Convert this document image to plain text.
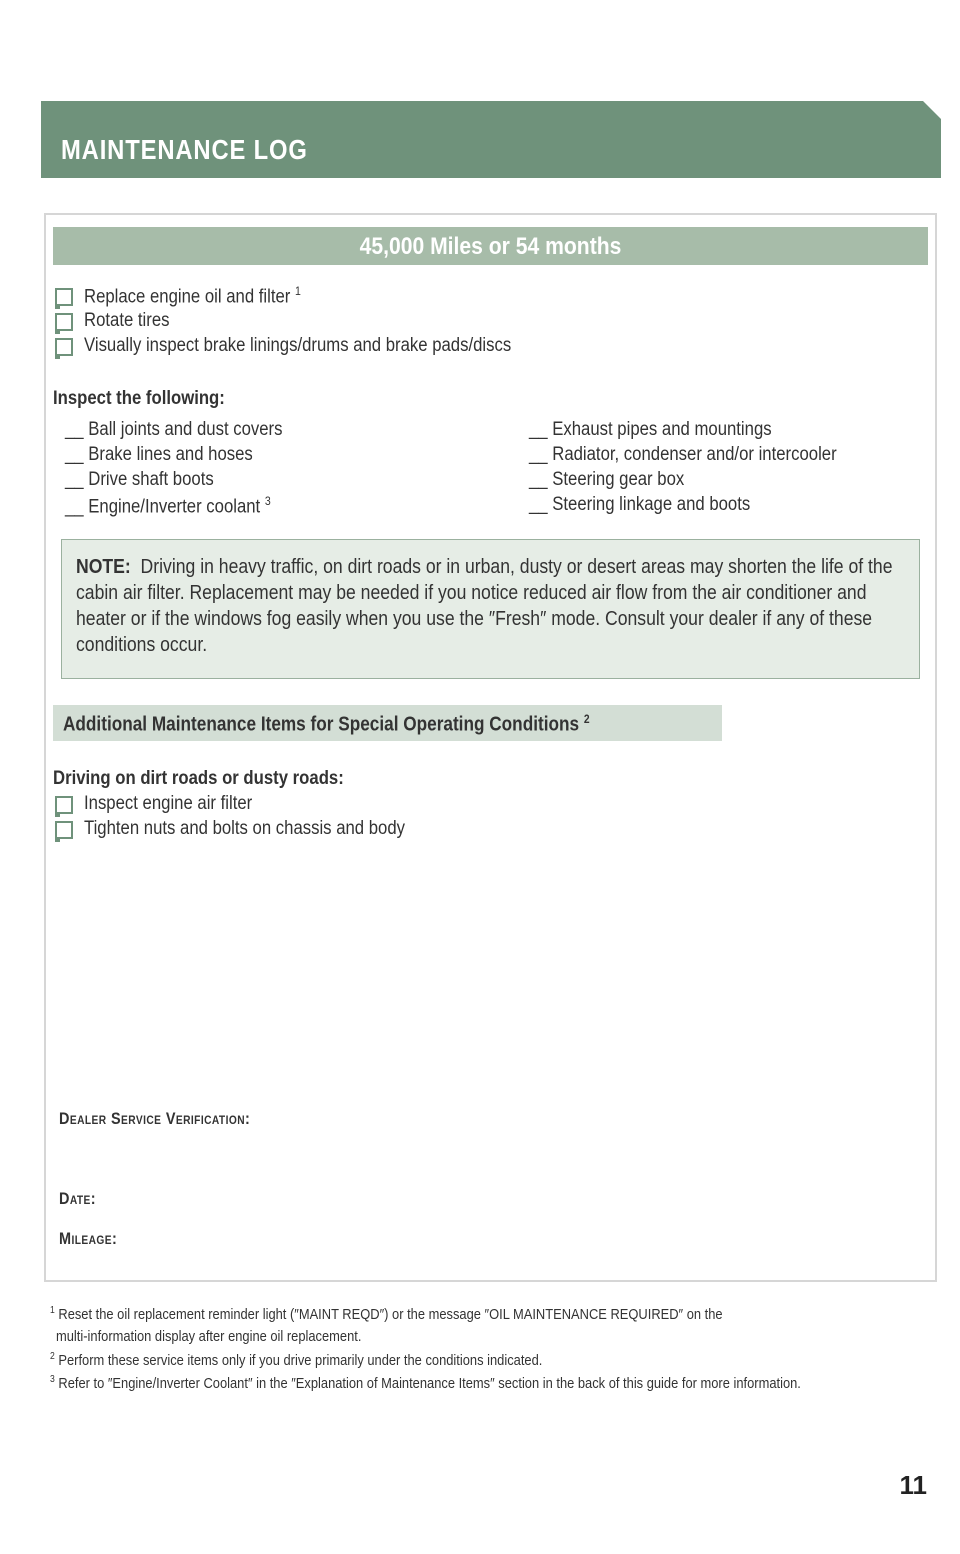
MAINTENANCE LOG
45,000 Miles or 54 months
Replace engine oil and filter $^1$
Rotate tires
Visually inspect brake linings/drums and brake pads/discs
Inspect the following:
__ Ball joints and dust covers
__ Brake lines and hoses
__ Drive shaft boots
__ Engine/Inverter coolant $^3$
__ Exhaust pipes and mountings
__ Radiator, condenser and/or intercooler
__ Steering gear box
__ Steering linkage and boots
NOTE: Driving in heavy traffic, on dirt roads or in urban, dusty or desert areas may shorten the life of the cabin air filter. Replacement may be needed if you notice reduced air flow from the air conditioner and heater or if the windows fog easily when you use the ″Fresh″ mode. Consult your dealer if any of these conditions occur.
Additional Maintenance Items for Special Operating Conditions $^2$
Driving on dirt roads or dusty roads:
Inspect engine air filter
Tighten nuts and bolts on chassis and body
Dealer Service Verification:
Date:
Mileage:
$^1$ Reset the oil replacement reminder light (″MAINT REQD″) or the message ″OIL MAINTENANCE REQUIRED″ on the
multi-information display after engine oil replacement.
$^2$ Perform these service items only if you drive primarily under the conditions indicated.
$^3$ Refer to ″Engine/Inverter Coolant″ in the ″Explanation of Maintenance Items″ section in the back of this guide for more information.
11
